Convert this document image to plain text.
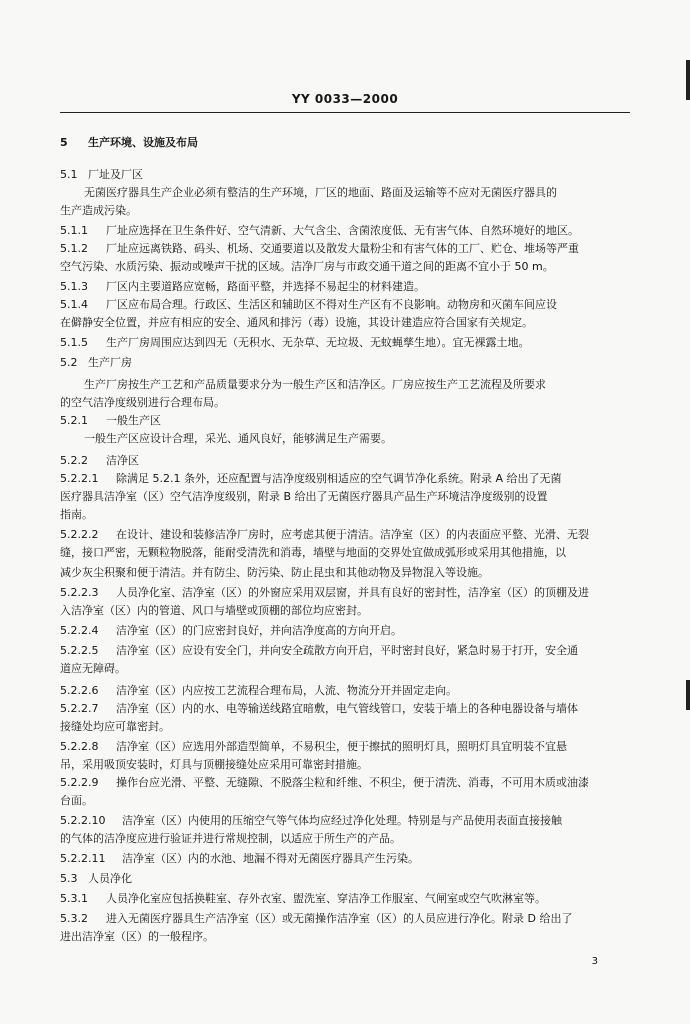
YY 0033—2000
5 生产环境、设施及布局
5.1 厂址及厂区
无菌医疗器具生产企业必须有整洁的生产环境，厂区的地面、路面及运输等不应对无菌医疗器具的
生产造成污染。
5.1.1 厂址应选择在卫生条件好、空气清新、大气含尘、含菌浓度低、无有害气体、自然环境好的地区。
5.1.2 厂址应远离铁路、码头、机场、交通要道以及散发大量粉尘和有害气体的工厂、贮仓、堆场等严重
空气污染、水质污染、振动或噪声干扰的区域。洁净厂房与市政交通干道之间的距离不宜小于 50 m。
5.1.3 厂区内主要道路应宽畅，路面平整，并选择不易起尘的材料建造。
5.1.4 厂区应布局合理。行政区、生活区和辅助区不得对生产区有不良影响。动物房和灭菌车间应设
在僻静安全位置，并应有相应的安全、通风和排污（毒）设施，其设计建造应符合国家有关规定。
5.1.5 生产厂房周围应达到四无（无积水、无杂草、无垃圾、无蚊蝇孳生地）。宜无裸露土地。
5.2 生产厂房
生产厂房按生产工艺和产品质量要求分为一般生产区和洁净区。厂房应按生产工艺流程及所要求
的空气洁净度级别进行合理布局。
5.2.1 一般生产区
一般生产区应设计合理，采光、通风良好，能够满足生产需要。
5.2.2 洁净区
5.2.2.1 除满足 5.2.1 条外，还应配置与洁净度级别相适应的空气调节净化系统。附录 A 给出了无菌
医疗器具洁净室（区）空气洁净度级别，附录 B 给出了无菌医疗器具产品生产环境洁净度级别的设置
指南。
5.2.2.2 在设计、建设和装修洁净厂房时，应考虑其便于清洁。洁净室（区）的内表面应平整、光滑、无裂
缝，接口严密，无颗粒物脱落，能耐受清洗和消毒，墙壁与地面的交界处宜做成弧形或采用其他措施，以
减少灰尘积聚和便于清洁。并有防尘、防污染、防止昆虫和其他动物及异物混入等设施。
5.2.2.3 人员净化室、洁净室（区）的外窗应采用双层窗，并具有良好的密封性，洁净室（区）的顶棚及进
入洁净室（区）内的管道、风口与墙壁或顶棚的部位均应密封。
5.2.2.4 洁净室（区）的门应密封良好，并向洁净度高的方向开启。
5.2.2.5 洁净室（区）应设有安全门，并向安全疏散方向开启，平时密封良好，紧急时易于打开，安全通
道应无障碍。
5.2.2.6 洁净室（区）内应按工艺流程合理布局，人流、物流分开并固定走向。
5.2.2.7 洁净室（区）内的水、电等输送线路宜暗敷，电气管线管口，安装于墙上的各种电器设备与墙体
接缝处均应可靠密封。
5.2.2.8 洁净室（区）应选用外部造型简单，不易积尘，便于擦拭的照明灯具，照明灯具宜明装不宜悬
吊，采用吸顶安装时，灯具与顶棚接缝处应采用可靠密封措施。
5.2.2.9 操作台应光滑、平整、无缝隙、不脱落尘粒和纤维、不积尘，便于清洗、消毒，不可用木质或油漆
台面。
5.2.2.10 洁净室（区）内使用的压缩空气等气体均应经过净化处理。特别是与产品使用表面直接接触
的气体的洁净度应进行验证并进行常规控制，以适应于所生产的产品。
5.2.2.11 洁净室（区）内的水池、地漏不得对无菌医疗器具产生污染。
5.3 人员净化
5.3.1 人员净化室应包括换鞋室、存外衣室、盥洗室、穿洁净工作服室、气闸室或空气吹淋室等。
5.3.2 进入无菌医疗器具生产洁净室（区）或无菌操作洁净室（区）的人员应进行净化。附录 D 给出了
进出洁净室（区）的一般程序。
3
